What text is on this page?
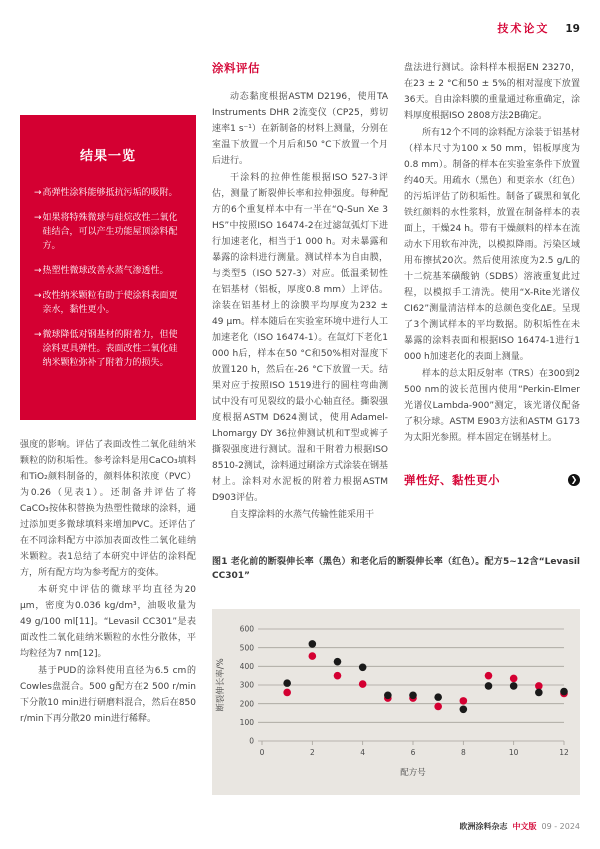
技术论文 19
结果一览
→ 高弹性涂料能够抵抗污垢的吸附。
→ 如果将特殊微球与硅烷改性二氧化硅结合，可以产生功能屋顶涂料配方。
→ 热塑性微球改善水蒸气渗透性。
→ 改性纳米颗粒有助于使涂料表面更亲水，黏性更小。
→ 微球降低对钢基材的附着力，但使涂料更具弹性。表面改性二氧化硅纳米颗粒弥补了附着力的损失。

强度的影响。评估了表面改性二氧化硅纳米颗粒的防积垢性。参考涂料是用CaCO₃填料和TiO₂颜料制备的，颜料体积浓度（PVC）为0.26（见表1）。还制备并评估了将CaCO₃按体积替换为热塑性微球的涂料，通过添加更多微球填料来增加PVC。还评估了在不同涂料配方中添加表面改性二氧化硅纳米颗粒。表1总结了本研究中评估的涂料配方，所有配方均为参考配方的变体。

本研究中评估的微球平均直径为20 μm，密度为0.036 kg/dm³，油吸收量为49 g/100 ml[11]。“Levasil CC301”是表面改性二氧化硅纳米颗粒的水性分散体，平均粒径为7 nm[12]。

基于PUD的涂料使用直径为6.5 cm的Cowles盘混合。500 g配方在2 500 r/min下分散10 min进行研磨料混合，然后在850 r/min下再分散20 min进行稀释。

涂料评估

动态黏度根据ASTM D2196，使用TA Instruments DHR 2流变仪（CP25，剪切速率1 s⁻¹）在新制备的材料上测量，分别在室温下放置一个月后和50 °C下放置一个月后进行。

干涂料的拉伸性能根据ISO 527-3评估，测量了断裂伸长率和拉伸强度。每种配方的6个重复样本中有一半在“Q-Sun Xe 3 HS”中按照ISO 16474-2在过滤氙弧灯下进行加速老化，相当于1 000 h。对未暴露和暴露的涂料进行测量。测试样本为自由膜，与类型5（ISO 527-3）对应。低温柔韧性在铝基材（铝板，厚度0.8 mm）上评估。涂装在铝基材上的涂膜平均厚度为232 ± 49 μm。样本随后在实验室环境中进行人工加速老化（ISO 16474-1）。在氙灯下老化1 000 h后，样本在50 °C和50%相对湿度下放置120 h，然后在-26 °C下放置一天。结果对应于按照ISO 1519进行的圆柱弯曲测试中没有可见裂纹的最小心轴直径。撕裂强度根据ASTM D624测试，使用Adamel-Lhomargy DY 36拉伸测试机和T型或裤子撕裂强度进行测试。湿和干附着力根据ISO 8510-2测试，涂料通过刷涂方式涂装在钢基材上。涂料对水泥板的附着力根据ASTM D903评估。

自支撑涂料的水蒸气传输性能采用干

盘法进行测试。涂料样本根据EN 23270，在23 ± 2 °C和50 ± 5%的相对湿度下放置36天。自由涂料膜的重量通过称重确定，涂料厚度根据ISO 2808方法2B确定。

所有12个不同的涂料配方涂装于铝基材（样本尺寸为100 x 50 mm，铝板厚度为0.8 mm）。制备的样本在实验室条件下放置约40天。用疏水（黑色）和更亲水（红色）的污垢评估了防积垢性。制备了碳黑和氧化铁红颜料的水性浆料，放置在制备样本的表面上，干燥24 h。带有干燥颜料的样本在流动水下用软布冲洗，以模拟降雨。污染区域用布擦拭20次。然后使用浓度为2.5 g/L的十二烷基苯磺酸钠（SDBS）溶液重复此过程，以模拟手工清洗。使用“X-Rite光谱仪CI62”测量清洁样本的总颜色变化ΔE。呈现了3个测试样本的平均数据。防积垢性在未暴露的涂料表面和根据ISO 16474-1进行1 000 h加速老化的表面上测量。

样本的总太阳反射率（TRS）在300到2 500 nm的波长范围内使用“Perkin-Elmer光谱仪Lambda-900”测定，该光谱仪配备了积分球。ASTM E903方法和ASTM G173为太阳光参照。样本固定在钢基材上。

弹性好、黏性更小	❯
图1 老化前的断裂伸长率（黑色）和老化后的断裂伸长率（红色）。配方5~12含“Levasil CC301”
0
100
200
300
400
500
600
0	2	4	6	8	10	12
配方号
断裂伸长率/%
欧洲涂料杂志 中文版 09 - 2024
